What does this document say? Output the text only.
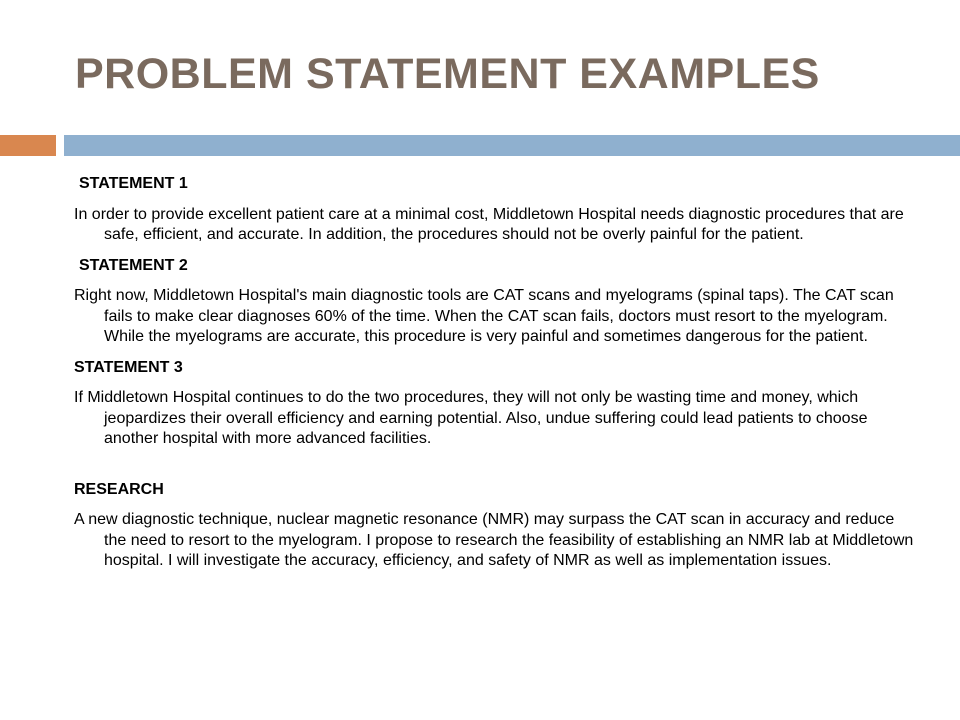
PROBLEM STATEMENT EXAMPLES
STATEMENT 1
In order to provide excellent patient care at a minimal cost, Middletown Hospital needs diagnostic procedures that are safe, efficient, and accurate. In addition, the procedures should not be overly painful for the patient.
STATEMENT 2
Right now, Middletown Hospital's main diagnostic tools are CAT scans and myelograms (spinal taps). The CAT scan fails to make clear diagnoses 60% of the time. When the CAT scan fails, doctors must resort to the myelogram. While the myelograms are accurate, this procedure is very painful and sometimes dangerous for the patient.
STATEMENT 3
If Middletown Hospital continues to do the two procedures, they will not only be wasting time and money, which jeopardizes their overall efficiency and earning potential. Also, undue suffering could lead patients to choose another hospital with more advanced facilities.
RESEARCH
A new diagnostic technique, nuclear magnetic resonance (NMR) may surpass the CAT scan in accuracy and reduce the need to resort to the myelogram. I propose to research the feasibility of establishing an NMR lab at Middletown hospital. I will investigate the accuracy, efficiency, and safety of NMR as well as implementation issues.
